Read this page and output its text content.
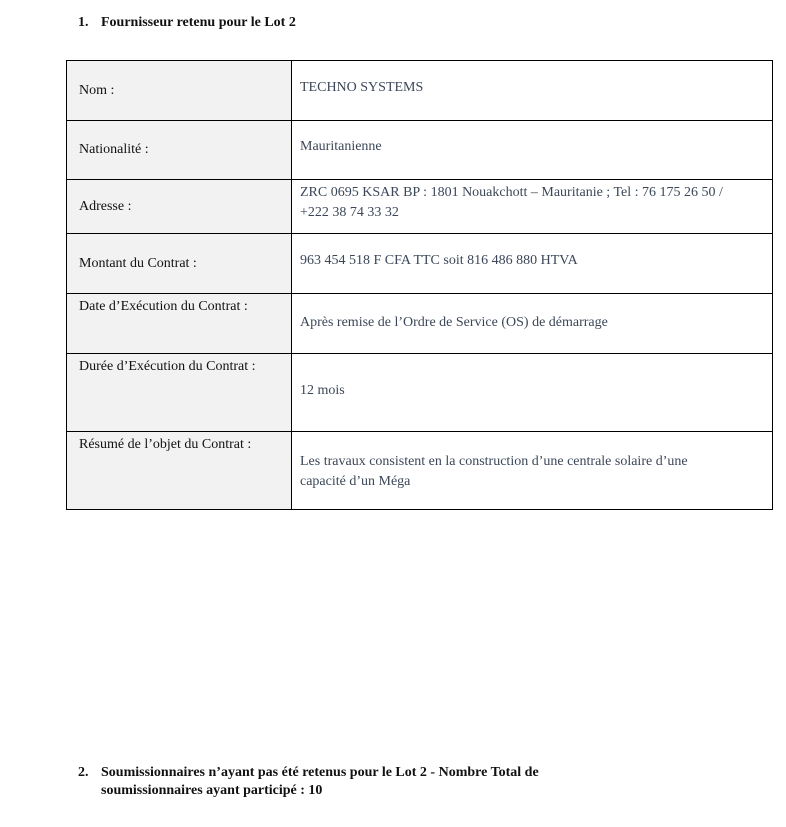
1. Fournisseur retenu pour le Lot 2
Nom :	TECHNO SYSTEMS
Nationalité :	Mauritanienne
Adresse :	ZRC 0695 KSAR BP : 1801 Nouakchott – Mauritanie ; Tel : 76 175 26 50 /
+222 38 74 33 32

Montant du Contrat :	963 454 518 F CFA TTC soit 816 486 880 HTVA
Date d’Exécution du Contrat :	Après remise de l’Ordre de Service (OS) de démarrage
Durée d’Exécution du Contrat :	12 mois
Résumé de l’objet du Contrat :	Les travaux consistent en la construction d’une centrale solaire d’une
capacité d’un Méga
2. Soumissionnaires n’ayant pas été retenus pour le Lot 2 - Nombre Total de
soumissionnaires ayant participé : 10
